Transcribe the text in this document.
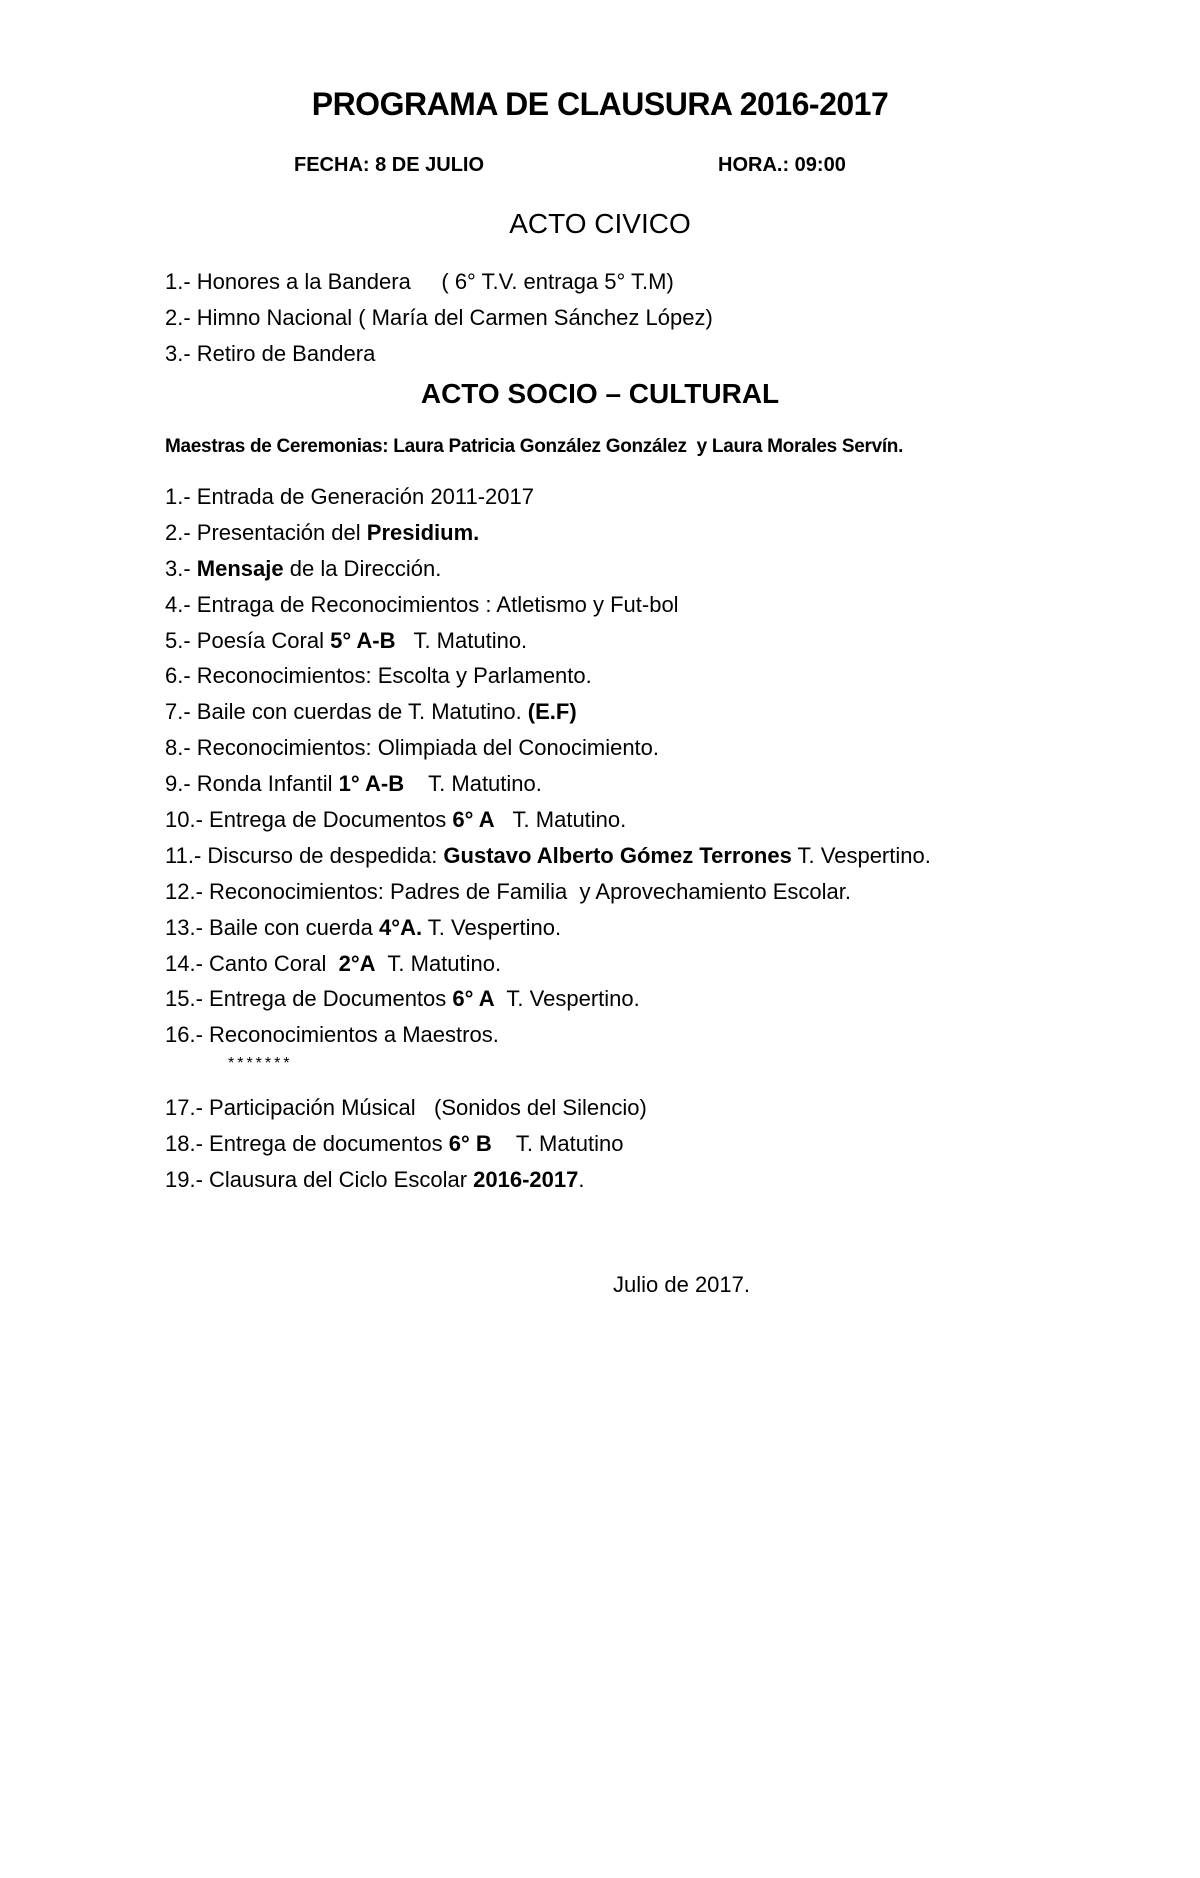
PROGRAMA DE CLAUSURA 2016-2017
FECHA: 8 DE JULIO	HORA.: 09:00
ACTO CIVICO
1.- Honores a la Bandera     ( 6° T.V. entraga 5° T.M)
2.- Himno Nacional ( María del Carmen Sánchez López)
3.- Retiro de Bandera
ACTO SOCIO – CULTURAL
Maestras de Ceremonias: Laura Patricia González González  y Laura Morales Servín.
1.- Entrada de Generación 2011-2017
2.- Presentación del Presidium.
3.- Mensaje de la Dirección.
4.- Entraga de Reconocimientos : Atletismo y Fut-bol
5.- Poesía Coral 5° A-B   T. Matutino.
6.- Reconocimientos: Escolta y Parlamento.
7.- Baile con cuerdas de T. Matutino. (E.F)
8.- Reconocimientos: Olimpiada del Conocimiento.
9.- Ronda Infantil 1° A-B    T. Matutino.
10.- Entrega de Documentos 6° A   T. Matutino.
11.- Discurso de despedida: Gustavo Alberto Gómez Terrones T. Vespertino.
12.- Reconocimientos: Padres de Familia  y Aprovechamiento Escolar.
13.- Baile con cuerda 4°A. T. Vespertino.
14.- Canto Coral  2°A  T. Matutino.
15.- Entrega de Documentos 6° A  T. Vespertino.
16.- Reconocimientos a Maestros.
*******
17.- Participación Músical   (Sonidos del Silencio)
18.- Entrega de documentos 6° B    T. Matutino
19.- Clausura del Ciclo Escolar 2016-2017.
Julio de 2017.
